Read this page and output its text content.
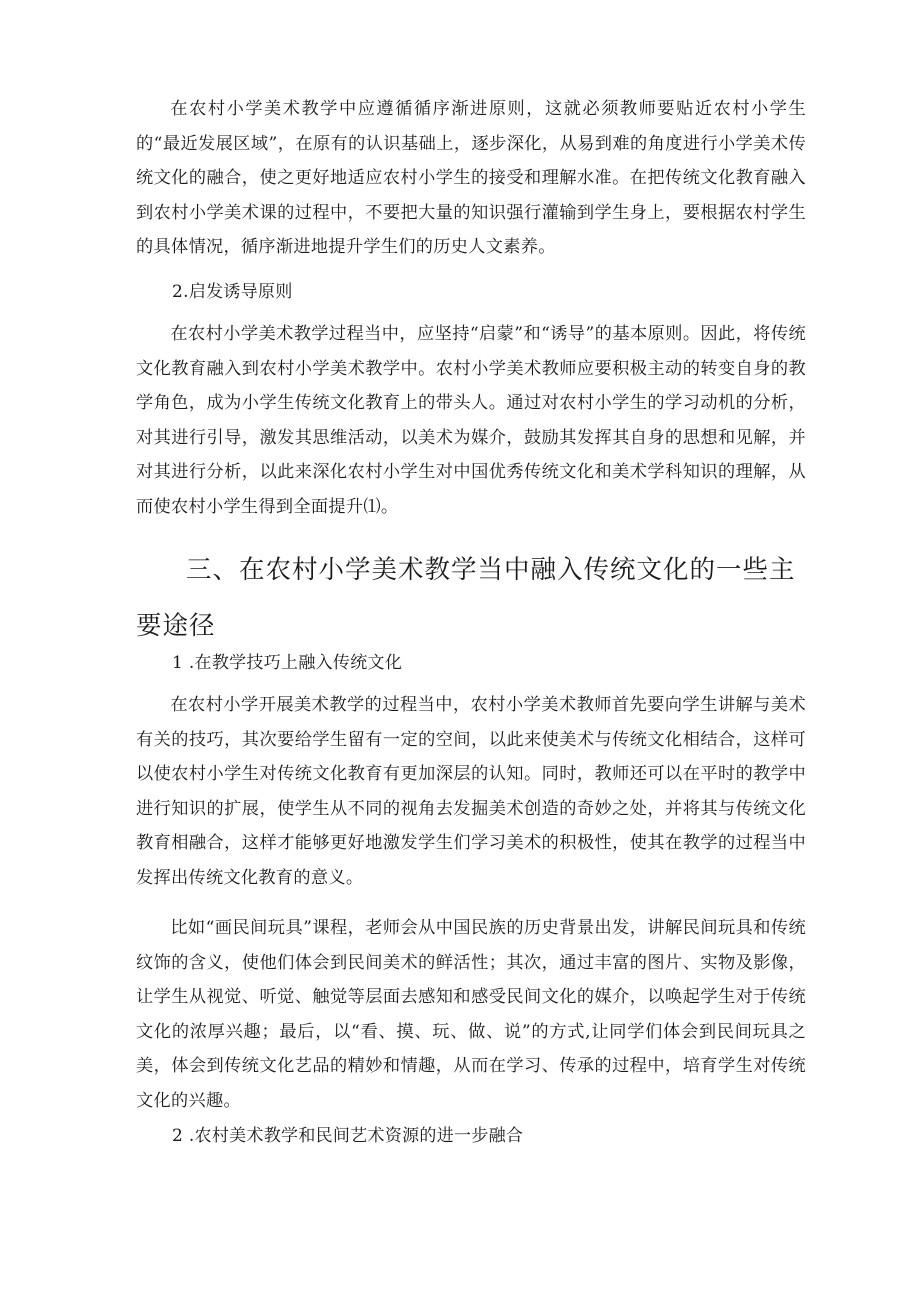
在农村小学美术教学中应遵循循序渐进原则，这就必须教师要贴近农村小学生的“最近发展区域”，在原有的认识基础上，逐步深化，从易到难的角度进行小学美术传统文化的融合，使之更好地适应农村小学生的接受和理解水准。在把传统文化教育融入到农村小学美术课的过程中，不要把大量的知识强行灌输到学生身上，要根据农村学生的具体情况，循序渐进地提升学生们的历史人文素养。

2.启发诱导原则

在农村小学美术教学过程当中，应坚持“启蒙”和“诱导”的基本原则。因此，将传统文化教育融入到农村小学美术教学中。农村小学美术教师应要积极主动的转变自身的教学角色，成为小学生传统文化教育上的带头人。通过对农村小学生的学习动机的分析，对其进行引导，激发其思维活动，以美术为媒介，鼓励其发挥其自身的思想和见解，并对其进行分析，以此来深化农村小学生对中国优秀传统文化和美术学科知识的理解，从而使农村小学生得到全面提升⑴。

三、在农村小学美术教学当中融入传统文化的一些主要途径

1 .在教学技巧上融入传统文化

在农村小学开展美术教学的过程当中，农村小学美术教师首先要向学生讲解与美术有关的技巧，其次要给学生留有一定的空间，以此来使美术与传统文化相结合，这样可以使农村小学生对传统文化教育有更加深层的认知。同时，教师还可以在平时的教学中进行知识的扩展，使学生从不同的视角去发掘美术创造的奇妙之处，并将其与传统文化教育相融合，这样才能够更好地激发学生们学习美术的积极性，使其在教学的过程当中发挥出传统文化教育的意义。

比如“画民间玩具”课程，老师会从中国民族的历史背景出发，讲解民间玩具和传统纹饰的含义，使他们体会到民间美术的鲜活性；其次，通过丰富的图片、实物及影像，让学生从视觉、听觉、触觉等层面去感知和感受民间文化的媒介，以唤起学生对于传统文化的浓厚兴趣；最后，以“看、摸、玩、做、说”的方式,让同学们体会到民间玩具之美，体会到传统文化艺品的精妙和情趣，从而在学习、传承的过程中，培育学生对传统文化的兴趣。

2 .农村美术教学和民间艺术资源的进一步融合
